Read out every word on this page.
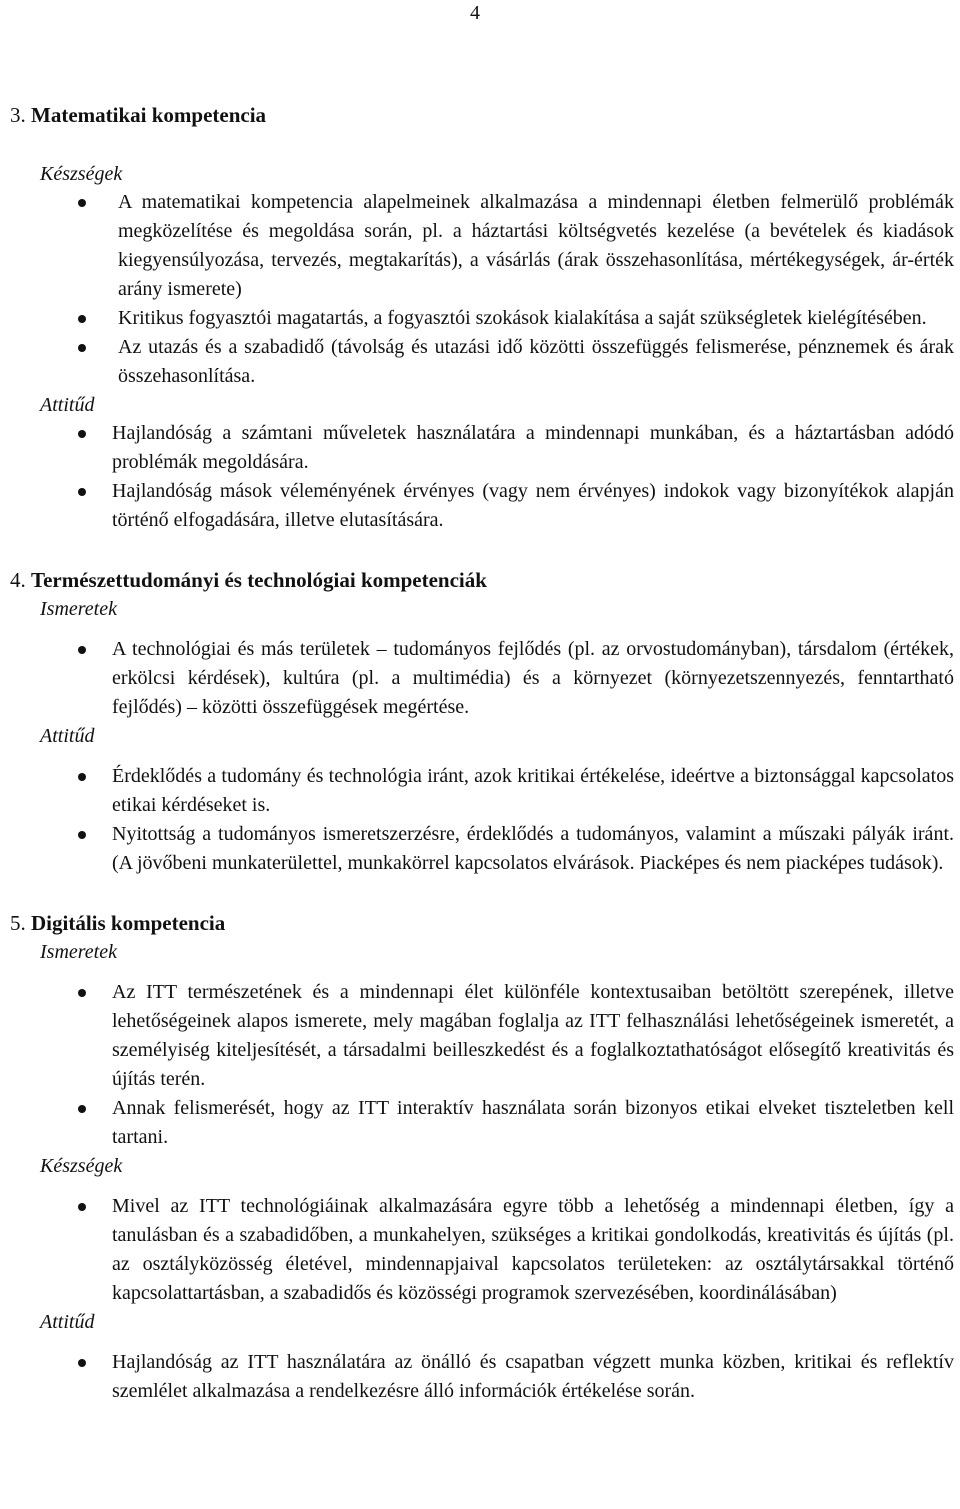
4
3. Matematikai kompetencia
Készségek
A matematikai kompetencia alapelmeinek alkalmazása a mindennapi életben felmerülő problémák megközelítése és megoldása során, pl. a háztartási költségvetés kezelése (a bevételek és kiadások kiegyensúlyozása, tervezés, megtakarítás), a vásárlás (árak összehasonlítása, mértékegységek, ár-érték arány ismerete)
Kritikus fogyasztói magatartás, a fogyasztói szokások kialakítása a saját szükségletek kielégítésében.
Az utazás és a szabadidő (távolság és utazási idő közötti összefüggés felismerése, pénznemek és árak összehasonlítása.
Attitűd
Hajlandóság a számtani műveletek használatára a mindennapi munkában, és a háztartásban adódó problémák megoldására.
Hajlandóság mások véleményének érvényes (vagy nem érvényes) indokok vagy bizonyítékok alapján történő elfogadására, illetve elutasítására.
4. Természettudományi és technológiai kompetenciák
Ismeretek
A technológiai és más területek – tudományos fejlődés (pl. az orvostudományban), társdalom (értékek, erkölcsi kérdések), kultúra (pl. a multimédia) és a környezet (környezetszennyezés, fenntartható fejlődés) – közötti összefüggések megértése.
Attitűd
Érdeklődés a tudomány és technológia iránt, azok kritikai értékelése, ideértve a biztonsággal kapcsolatos etikai kérdéseket is.
Nyitottság a tudományos ismeretszerzésre, érdeklődés a tudományos, valamint a műszaki pályák iránt. (A jövőbeni munkaterülettel, munkakörrel kapcsolatos elvárások. Piacképes és nem piacképes tudások).
5. Digitális kompetencia
Ismeretek
Az ITT természetének és a mindennapi élet különféle kontextusaiban betöltött szerepének, illetve lehetőségeinek alapos ismerete, mely magában foglalja az ITT felhasználási lehetőségeinek ismeretét, a személyiség kiteljesítését, a társadalmi beilleszkedést és a foglalkoztathatóságot elősegítő kreativitás és újítás terén.
Annak felismerését, hogy az ITT interaktív használata során bizonyos etikai elveket tiszteletben kell tartani.
Készségek
Mivel az ITT technológiáinak alkalmazására egyre több a lehetőség a mindennapi életben, így a tanulásban és a szabadidőben, a munkahelyen, szükséges a kritikai gondolkodás, kreativitás és újítás (pl. az osztályközösség életével, mindennapjaival kapcsolatos területeken: az osztálytársakkal történő kapcsolattartásban, a szabadidős és közösségi programok szervezésében, koordinálásában)
Attitűd
Hajlandóság az ITT használatára az önálló és csapatban végzett munka közben, kritikai és reflektív szemlélet alkalmazása a rendelkezésre álló információk értékelése során.
